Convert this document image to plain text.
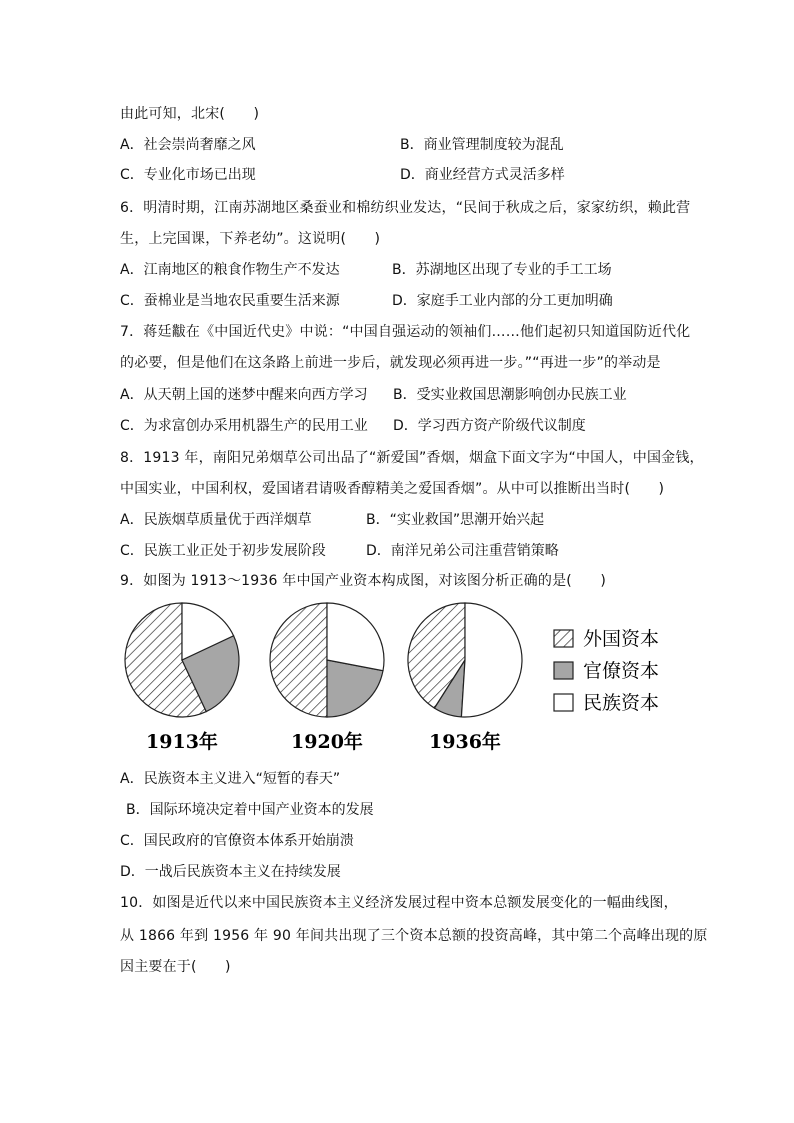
由此可知，北宋(　　)
A．社会崇尚奢靡之风	B．商业管理制度较为混乱
C．专业化市场已出现	D．商业经营方式灵活多样
6．明清时期，江南苏湖地区桑蚕业和棉纺织业发达，“民间于秋成之后，家家纺织，赖此营
生，上完国课，下养老幼”。这说明(　　)
A．江南地区的粮食作物生产不发达	B．苏湖地区出现了专业的手工工场
C．蚕棉业是当地农民重要生活来源	D．家庭手工业内部的分工更加明确
7．蒋廷黻在《中国近代史》中说：“中国自强运动的领袖们……他们起初只知道国防近代化
的必要，但是他们在这条路上前进一步后，就发现必须再进一步。”“再进一步”的举动是
A．从天朝上国的迷梦中醒来向西方学习 B．受实业救国思潮影响创办民族工业
C．为求富创办采用机器生产的民用工业 D．学习西方资产阶级代议制度
8．1913 年，南阳兄弟烟草公司出品了“新爱国”香烟，烟盒下面文字为“中国人，中国金钱，
中国实业，中国利权，爱国诸君请吸香醇精美之爱国香烟”。从中可以推断出当时(　　)
A．民族烟草质量优于西洋烟草	B．“实业救国”思潮开始兴起
C．民族工业正处于初步发展阶段	D．南洋兄弟公司注重营销策略
9．如图为 1913～1936 年中国产业资本构成图，对该图分析正确的是(　　)
1913年	1920年	1936年
外国资本
官僚资本
民族资本
A．民族资本主义进入“短暂的春天”
B．国际环境决定着中国产业资本的发展
C．国民政府的官僚资本体系开始崩溃
D．一战后民族资本主义在持续发展
10．如图是近代以来中国民族资本主义经济发展过程中资本总额发展变化的一幅曲线图，
从 1866 年到 1956 年 90 年间共出现了三个资本总额的投资高峰，其中第二个高峰出现的原
因主要在于(　　)
